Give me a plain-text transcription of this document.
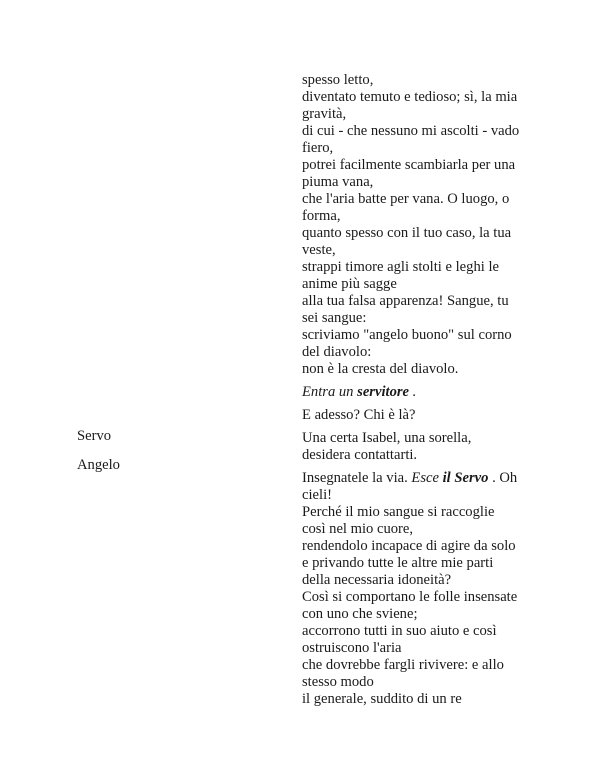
Servo
Angelo
spesso letto,
diventato temuto e tedioso; sì, la mia
gravità,
di cui - che nessuno mi ascolti - vado
fiero,
potrei facilmente scambiarla per una
piuma vana,
che l'aria batte per vana. O luogo, o
forma,
quanto spesso con il tuo caso, la tua
veste,
strappi timore agli stolti e leghi le
anime più sagge
alla tua falsa apparenza! Sangue, tu
sei sangue:
scriviamo "angelo buono" sul corno
del diavolo:
non è la cresta del diavolo.
Entra un servitore .
E adesso? Chi è là?
Una certa Isabel, una sorella,
desidera contattarti.
Insegnatele la via. Esce il Servo . Oh
cieli!
Perché il mio sangue si raccoglie
così nel mio cuore,
rendendolo incapace di agire da solo
e privando tutte le altre mie parti
della necessaria idoneità?
Così si comportano le folle insensate
con uno che sviene;
accorrono tutti in suo aiuto e così
ostruiscono l'aria
che dovrebbe fargli rivivere: e allo
stesso modo
il generale, suddito di un re
